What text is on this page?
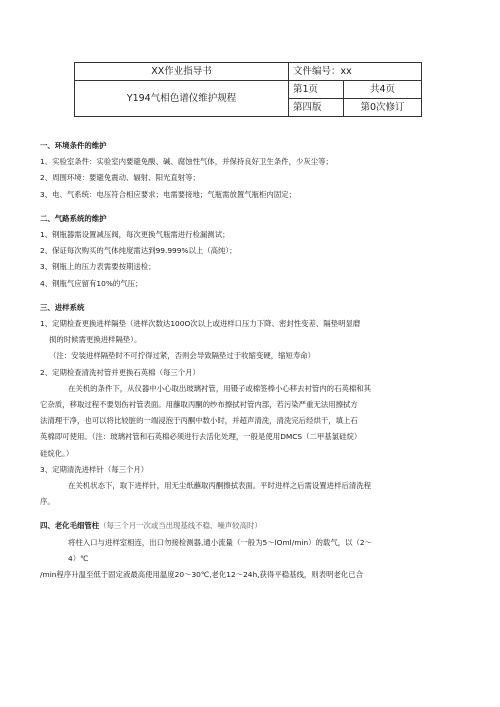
XX作业指导书	文件编号：xx	
Y194气相色谱仪维护规程	第1页	共4页
	第四版	第0次修订

一、环境条件的维护

1、实验室条件：实验室内要避免酸、碱、腐蚀性气体，并保持良好卫生条件，少灰尘等；

2、周围环境：要避免震动、辐射、阳光直射等；

3、电、气系统：电压符合相应要求；电需要接地；气瓶需放置气瓶柜内固定；

二、气路系统的维护

1、钢瓶器需设置减压阀，每次更换气瓶需进行检漏测试；

2、保证每次购买的气体纯度需达到99.999%以上（高纯）；

3、钢瓶上的压力表需要按期送检；

4、钢瓶气应留有10%的气压；

三、进样系统

1、定期检查更换进样隔垫（进样次数达100O次以上或进样口压力下降、密封性变差、隔垫明显磨

损的时候需更换进样隔垫）。

（注：安装进样隔垫时不可拧得过紧，否则会导致隔垫过于收缩变硬，缩短寿命）

2、定期检查清洗衬管并更换石英棉（每三个月）

在关机的条件下，从仪器中小心取出玻璃衬管，用镊子或棉签棒小心移去衬管内的石英棉和其

它杂质，移取过程不要划伤衬管表面。用蘸取丙酮的纱布擦拭衬管内部，若污染严重无法用擦拭方

法清理干净，也可以将比较脏的一端浸泡于丙酮中数小时，并超声清洗，清洗完后经烘干，填上石

英棉即可使用。（注：玻璃衬管和石英棉必须进行去活化处理，一般是使用DMCS（二甲基氯硅烷）

硅烷化。）

3、定期清洗进样针（每三个月）

在关机状态下，取下进样针，用无尘纸蘸取丙酮擦拭表面。平时进样之后需设置进样后清洗程

序。

四、老化毛细管柱（每三个月一次或当出现基线不稳、噪声较高时）

将柱入口与进样室相连，出口勿接检测器,通小流量（一般为5～lOml/min）的载气，以（2～

4）℃

/min程序升温至低于固定液最高使用温度20～30℃,老化12～24h,获得平稳基线，则表明老化已合
